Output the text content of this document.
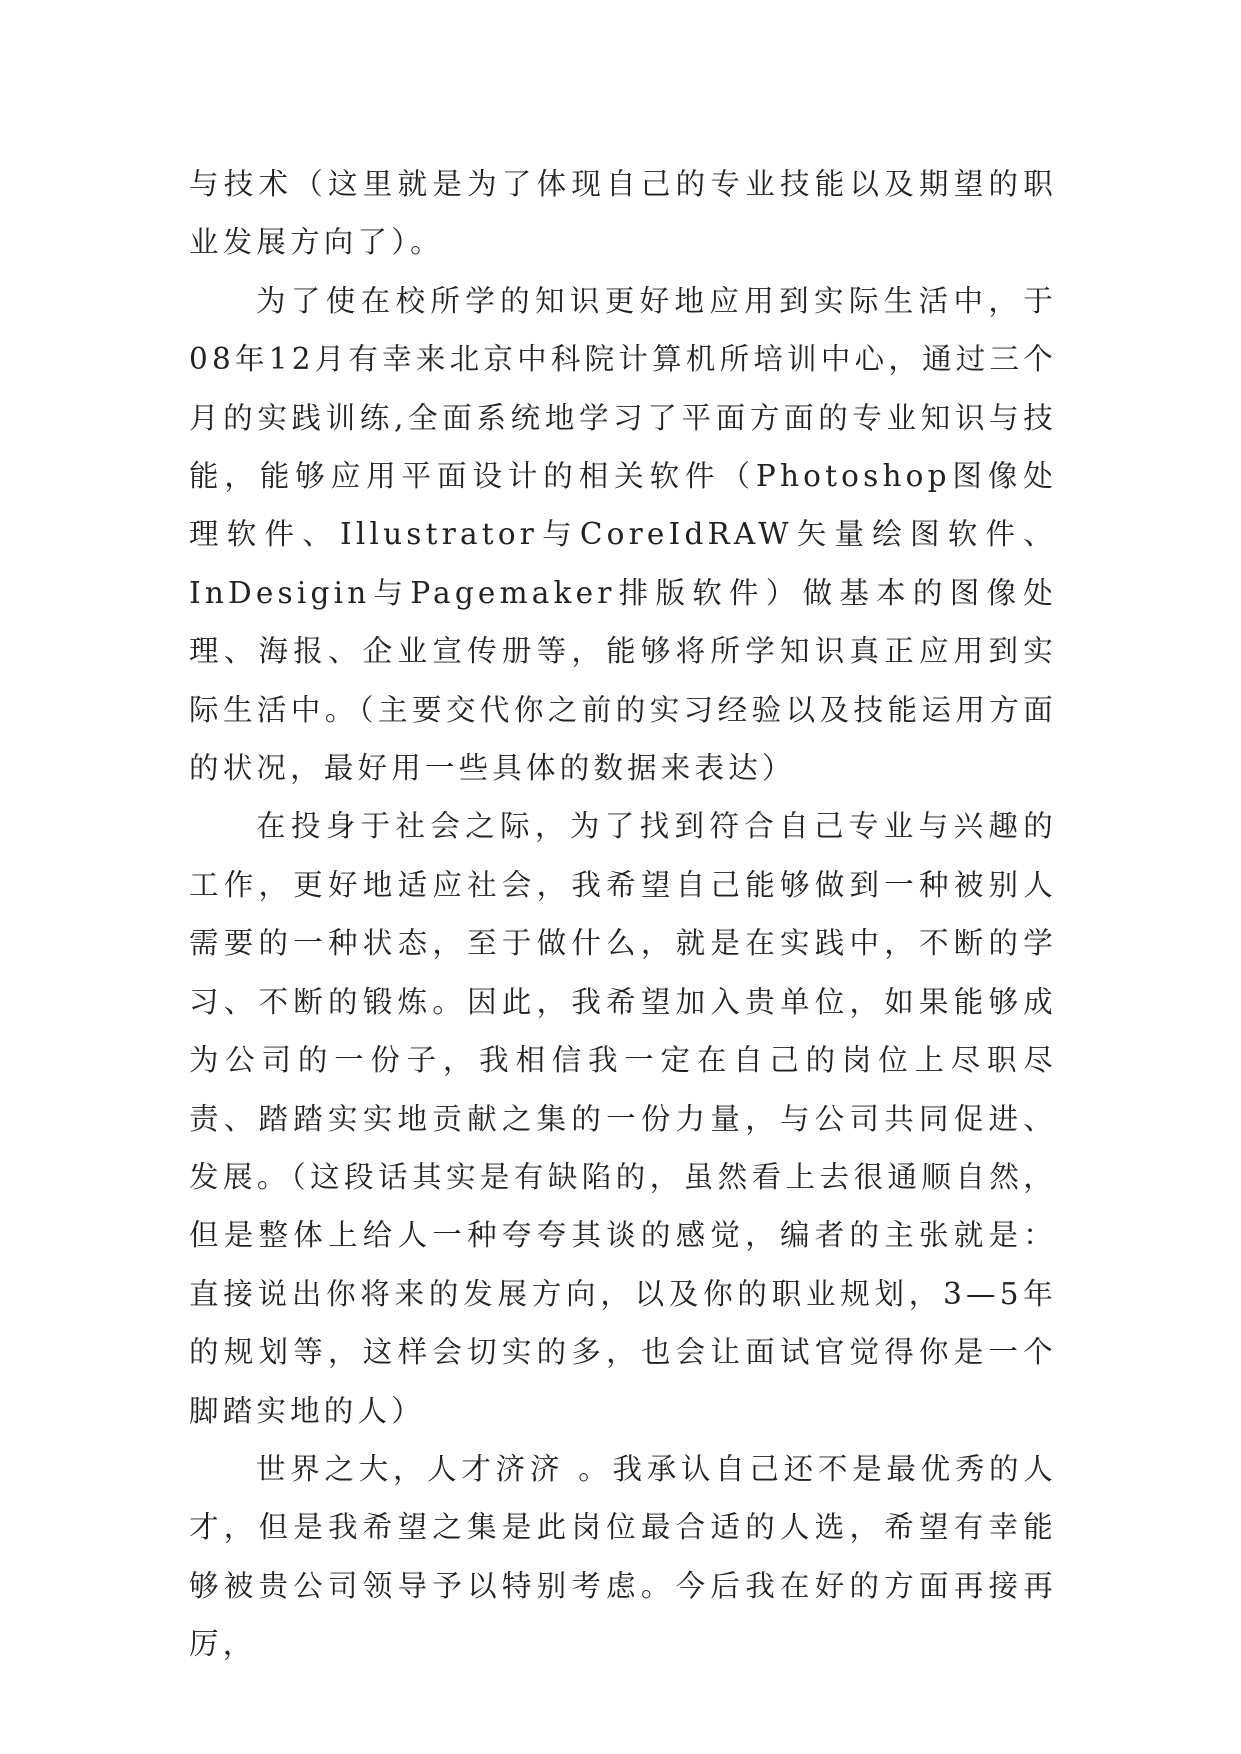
与技术（这里就是为了体现自己的专业技能以及期望的职业发展方向了）。

为了使在校所学的知识更好地应用到实际生活中，于08年12月有幸来北京中科院计算机所培训中心，通过三个月的实践训练,全面系统地学习了平面方面的专业知识与技能，能够应用平面设计的相关软件（Photoshop图像处理软件、Illustrator与CoreIdRAW矢量绘图软件、InDesigin与Pagemaker排版软件）做基本的图像处理、海报、企业宣传册等，能够将所学知识真正应用到实际生活中。（主要交代你之前的实习经验以及技能运用方面的状况，最好用一些具体的数据来表达）

在投身于社会之际，为了找到符合自己专业与兴趣的工作，更好地适应社会，我希望自己能够做到一种被别人需要的一种状态，至于做什么，就是在实践中，不断的学习、不断的锻炼。因此，我希望加入贵单位，如果能够成为公司的一份子，我相信我一定在自己的岗位上尽职尽责、踏踏实实地贡献之集的一份力量，与公司共同促进、发展。（这段话其实是有缺陷的，虽然看上去很通顺自然，但是整体上给人一种夸夸其谈的感觉，编者的主张就是：直接说出你将来的发展方向，以及你的职业规划，3—5年的规划等，这样会切实的多，也会让面试官觉得你是一个脚踏实地的人）

世界之大，人才济济 。我承认自己还不是最优秀的人才，但是我希望之集是此岗位最合适的人选，希望有幸能够被贵公司领导予以特别考虑。今后我在好的方面再接再厉，
